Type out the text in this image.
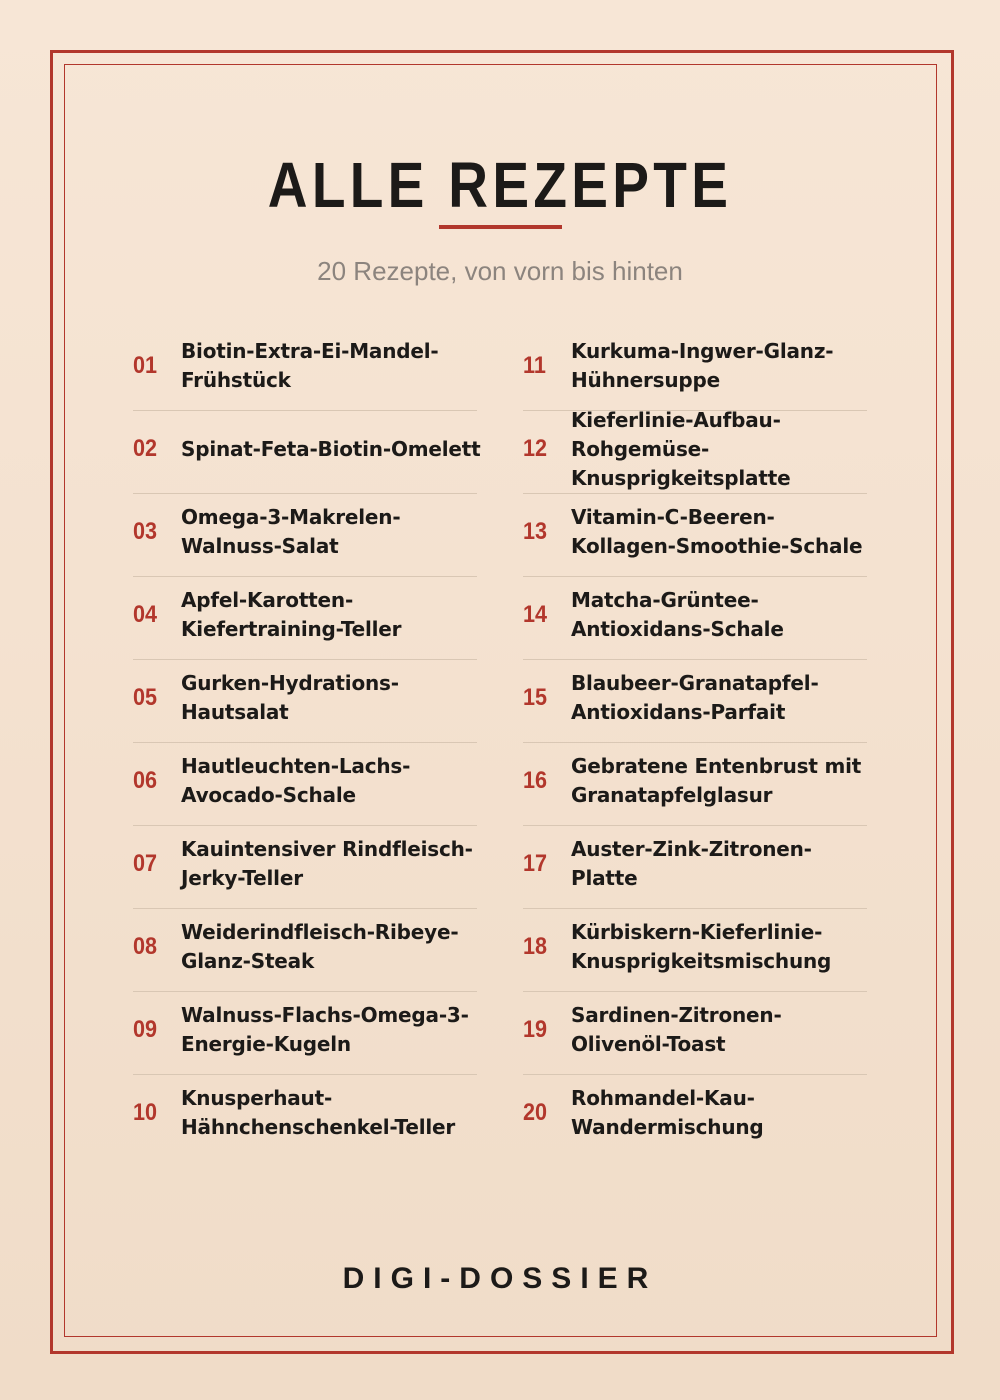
ALLE REZEPTE
20 Rezepte, von vorn bis hinten
01
Biotin-Extra-Ei-Mandel-Frühstück
02	Spinat-Feta-Biotin-Omelett
03
Omega-3-Makrelen-Walnuss-Salat
04
Apfel-Karotten-Kiefertraining-Teller
05
Gurken-Hydrations-Hautsalat
06
Hautleuchten-Lachs-Avocado-Schale
07
Kauintensiver Rindfleisch-Jerky-Teller
08
Weiderindfleisch-Ribeye-Glanz-Steak
09
Walnuss-Flachs-Omega-3-Energie-Kugeln
10
Knusperhaut-Hähnchenschenkel-Teller
11
Kurkuma-Ingwer-Glanz-Hühnersuppe
12
Kieferlinie-Aufbau-Rohgemüse-Knusprigkeitsplatte
13
Vitamin-C-Beeren-Kollagen-Smoothie-Schale
14
Matcha-Grüntee-Antioxidans-Schale
15
Blaubeer-Granatapfel-Antioxidans-Parfait
16
Gebratene Entenbrust mit Granatapfelglasur
17
Auster-Zink-Zitronen-Platte
18
Kürbiskern-Kieferlinie-Knusprigkeitsmischung
19
Sardinen-Zitronen-Olivenöl-Toast
20
Rohmandel-Kau-Wandermischung
DIGI-DOSSIER
